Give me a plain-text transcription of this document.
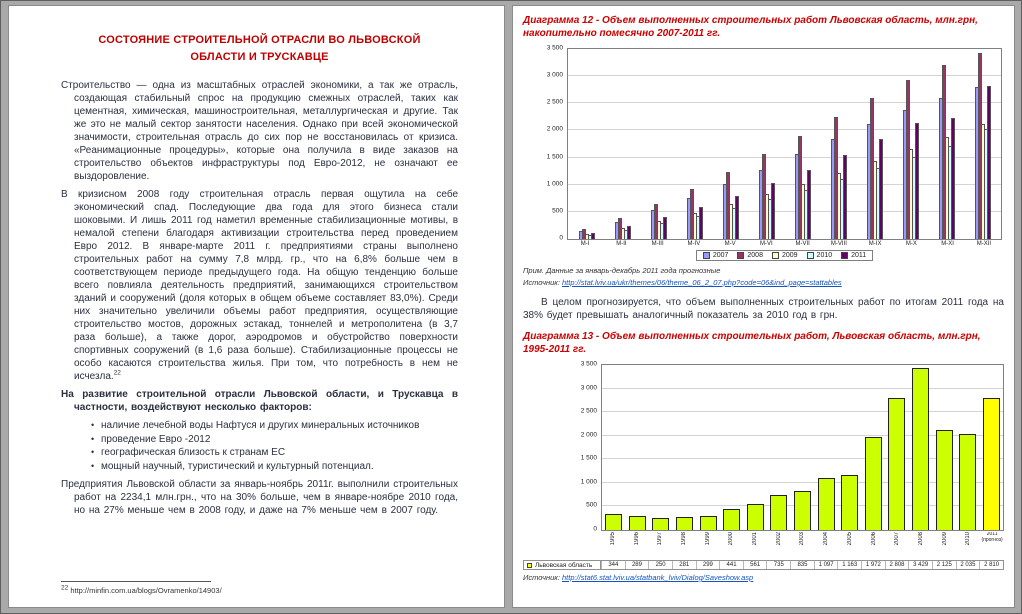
СОСТОЯНИЕ СТРОИТЕЛЬНОЙ ОТРАСЛИ ВО ЛЬВОВСКОЙ ОБЛАСТИ И ТРУСКАВЦЕ

Строительство — одна из масштабных отраслей экономики, а так же отрасль, создающая стабильный спрос на продукцию смежных отраслей, таких как цементная, химическая, машиностроительная, металлургическая и другие. Так же это не малый сектор занятости населения. Однако при всей экономической значимости, строительная отрасль до сих пор не восстановилась от кризиса. «Реанимационные процедуры», которые она получила в виде заказов на строительство объектов инфраструктуры под Евро-2012, не означают ее выздоровление.

В кризисном 2008 году строительная отрасль первая ощутила на себе экономический спад. Последующие два года для этого бизнеса стали шоковыми. И лишь 2011 год наметил временные стабилизационные мотивы, в немалой степени благодаря активизации строительства перед проведением Евро 2012. В январе-марте 2011 г. предприятиями страны выполнено строительных работ на сумму 7,8 млрд. гр., что на 6,8% больше чем в соответствующем периоде предыдущего года. На общую тенденцию больше всего повлияла деятельность предприятий, занимающихся строительством зданий и сооружений (доля которых в общем объеме составляет 83,0%). Среди них значительно увеличили объемы работ предприятия, осуществляющие строительство мостов, дорожных эстакад, тоннелей и метрополитена (в 3,7 раза больше), а также дорог, аэродромов и обустройство поверхности спортивных сооружений (в 1,6 раза больше). Стабилизационные процессы не особо касаются строительства жилья. При том, что потребность в нем не исчезла.$^{22}$

На развитие строительной отрасли Львовской области, и Трускавца в частности, воздействуют несколько факторов:

• наличие лечебной воды Нафтуся и других минеральных источников
• проведение Евро -2012
• географическая близость к странам ЕС
• мощный научный, туристический и культурный потенциал.

Предприятия Львовской области за январь-ноябрь 2011г. выполнили строительных работ на 2234,1 млн.грн., что на 30% больше, чем в январе-ноябре 2010 года, но на 27% меньше чем в 2008 году, и даже на 7% меньше чем в 2007 году.

$^{22}$ http://minfin.com.ua/blogs/Ovramenko/14903/
Диаграмма 12 - Объем выполненных строительных работ Львовская область, млн.грн, накопительно помесячно 2007-2011 гг.
0
500
1 000
1 500
2 000
2 500
3 000
3 500
М-I	М-II	М-III	М-IV	М-V	М-VI	М-VII	М-VIII	М-IX	М-X	М-XI	М-XII
2007	2008	2009	2010	2011
Прим. Данные за январь-декабрь 2011 года прогнозные
Источник: http://stat.lviv.ua/ukr/themes/06/theme_06_2_07.php?code=06&ind_page=stattables

В целом прогнозируется, что объем выполненных строительных работ по итогам 2011 года на 38% будет превышать аналогичный показатель за 2010 год в грн.

Диаграмма 13 - Объем выполненных строительных работ, Львовская область, млн.грн, 1995-2011 гг.
0
500
1 000
1 500
2 000
2 500
3 000
3 500
1995	1996	1997	1998	1999	2000	2001	2002	2003	2004	2005	2006	2007	2008	2009	2010	2011 (прогноз)
Львовская область	344	289	250	281	299	441	561	735	835	1 097	1 163	1 972	2 808	3 429	2 125	2 035	2 810
Источник: http://stat6.stat.lviv.ua/statbank_lviv/Dialog/Saveshow.asp
